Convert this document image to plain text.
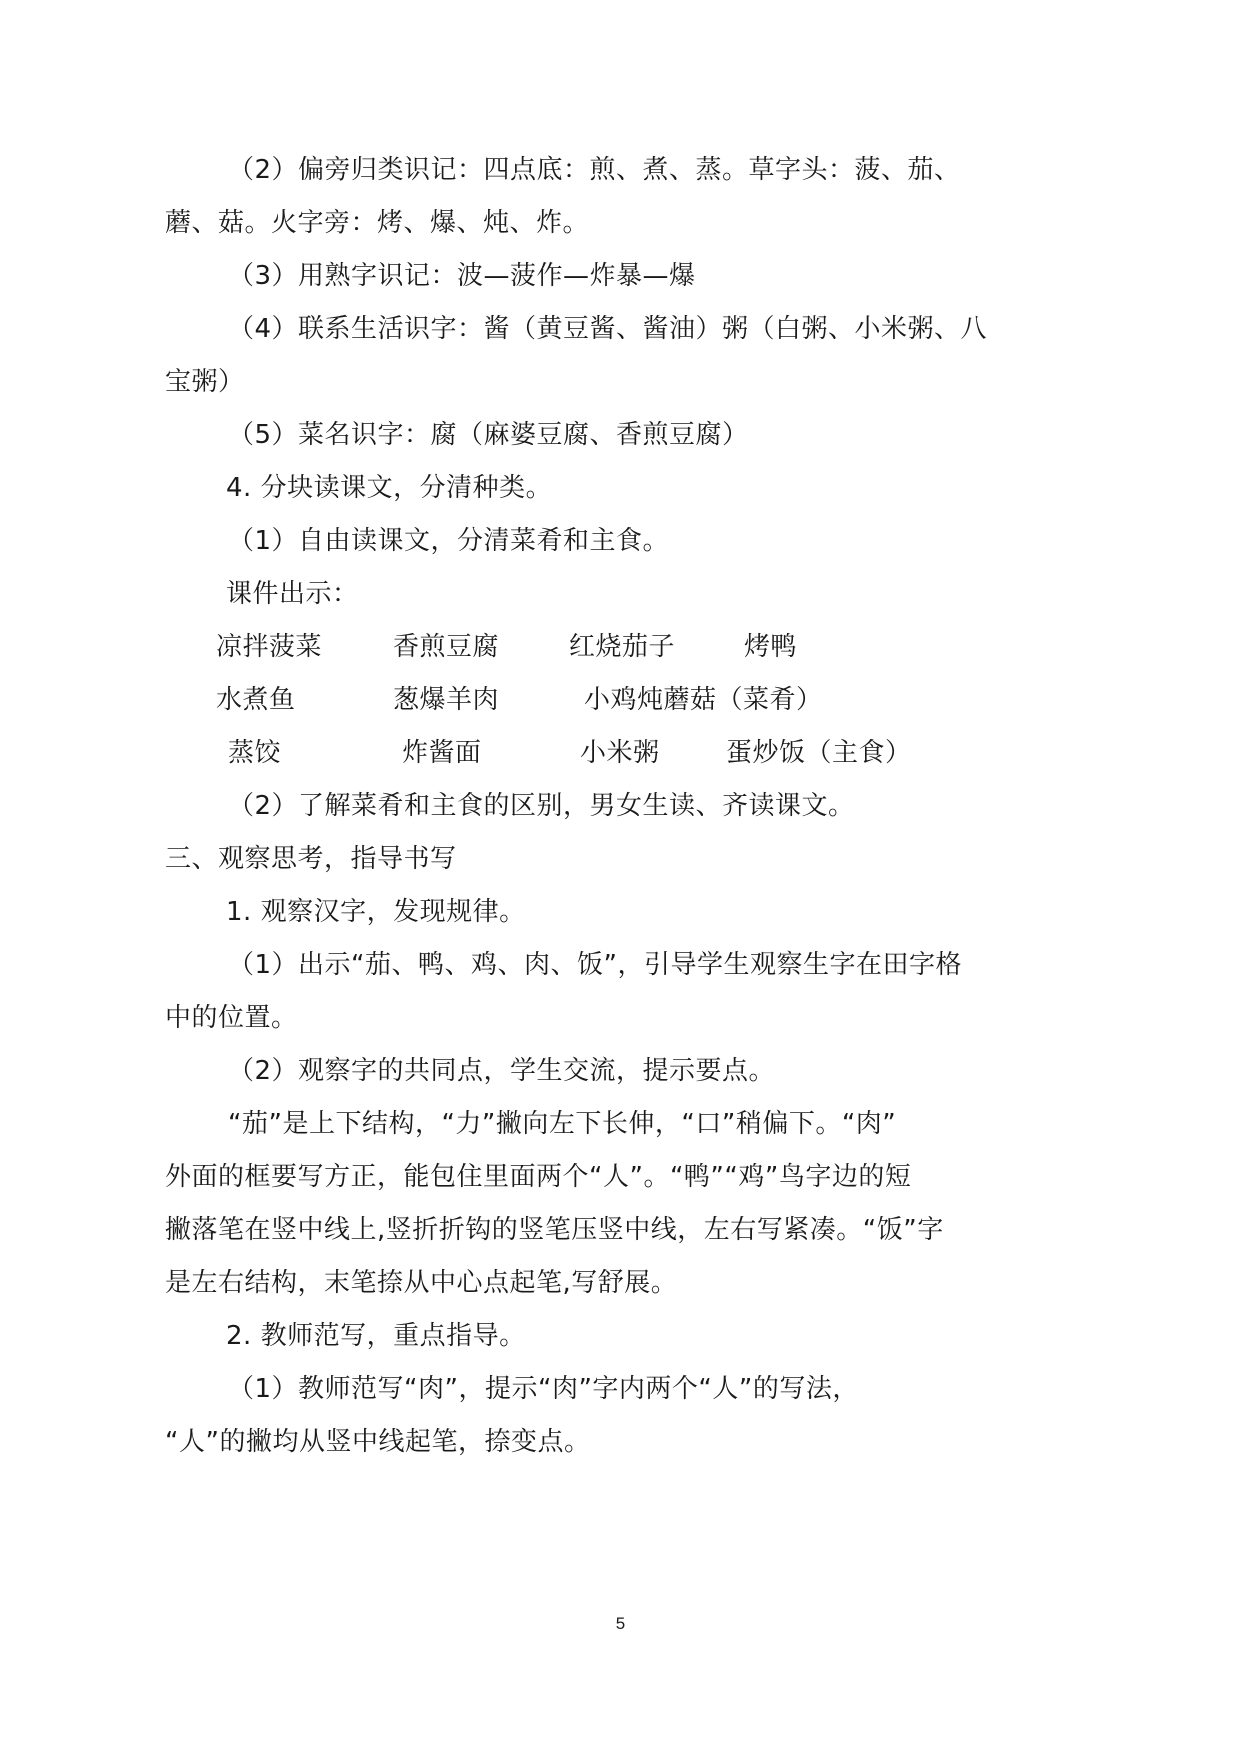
（2）偏旁归类识记：四点底：煎、煮、蒸。草字头：菠、茄、
蘑、菇。火字旁：烤、爆、炖、炸。
（3）用熟字识记：波—菠作—炸暴—爆
（4）联系生活识字：酱（黄豆酱、酱油）粥（白粥、小米粥、八
宝粥）
（5）菜名识字：腐（麻婆豆腐、香煎豆腐）
4. 分块读课文，分清种类。
（1）自由读课文，分清菜肴和主食。
课件出示：
凉拌菠菜	香煎豆腐	红烧茄子	烤鸭
水煮鱼	葱爆羊肉	小鸡炖蘑菇（菜肴）
蒸饺	炸酱面	小米粥	蛋炒饭（主食）
（2）了解菜肴和主食的区别，男女生读、齐读课文。
三、观察思考，指导书写
1. 观察汉字，发现规律。
（1）出示“茄、鸭、鸡、肉、饭”，引导学生观察生字在田字格
中的位置。
（2）观察字的共同点，学生交流，提示要点。
“茄”是上下结构，“力”撇向左下长伸，“口”稍偏下。“肉”
外面的框要写方正，能包住里面两个“人”。“鸭”“鸡”鸟字边的短
撇落笔在竖中线上,竖折折钩的竖笔压竖中线，左右写紧凑。“饭”字
是左右结构，末笔捺从中心点起笔,写舒展。
2. 教师范写，重点指导。
（1）教师范写“肉”，提示“肉”字内两个“人”的写法，
“人”的撇均从竖中线起笔，捺变点。
5
